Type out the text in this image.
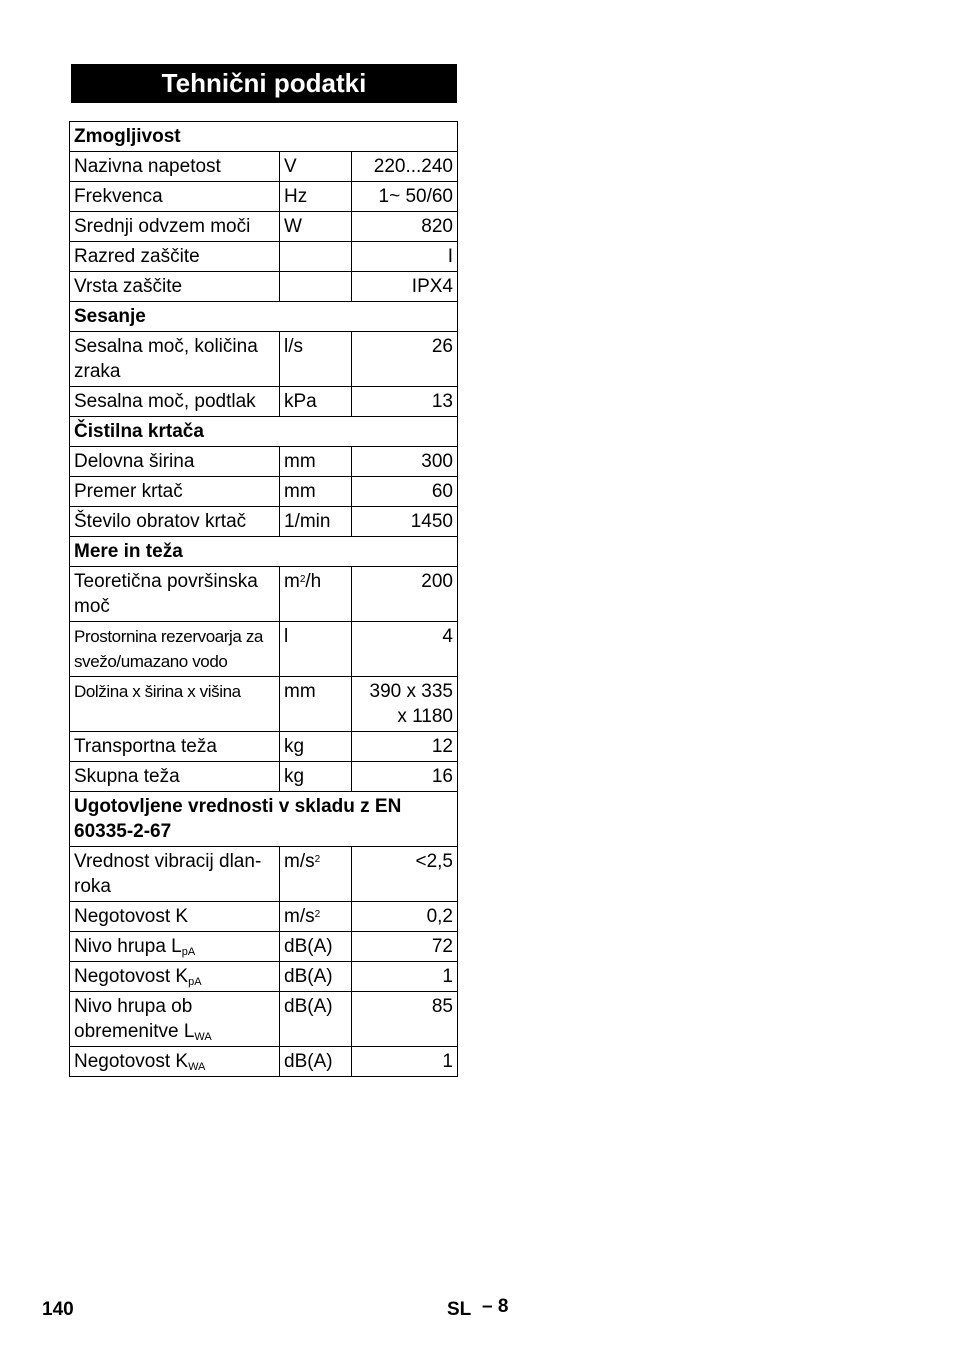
Tehnični podatki
Zmogljivost		
Nazivna napetost	V	220...240
Frekvenca	Hz	1~ 50/60
Srednji odvzem moči	W	820
Razred zaščite		I
Vrsta zaščite		IPX4
Sesanje		
Sesalna moč, količina zraka	l/s	26
Sesalna moč, podtlak	kPa	13
Čistilna krtača		
Delovna širina	mm	300
Premer krtač	mm	60
Število obratov krtač	1/min	1450
Mere in teža		
Teoretična površinska moč	$m^2/h$	200
Prostornina rezervoarja za svežo/umazano vodo	l	4
Dolžina x širina x višina	mm	390 x 335 x 1180
Transportna teža	kg	12
Skupna teža	kg	16
Ugotovljene vrednosti v skladu z EN 60335-2-67		
Vrednost vibracij dlan-roka	$m/s^2$	<2,5
Negotovost K	$m/s^2$	0,2
Nivo hrupa $L_{pA}$	dB(A)	72
Negotovost $K_{pA}$	dB(A)	1
Nivo hrupa ob obremenitve $L_{WA}$	dB(A)	85
Negotovost $K_{WA}$	dB(A)	1
140	SL – 8
